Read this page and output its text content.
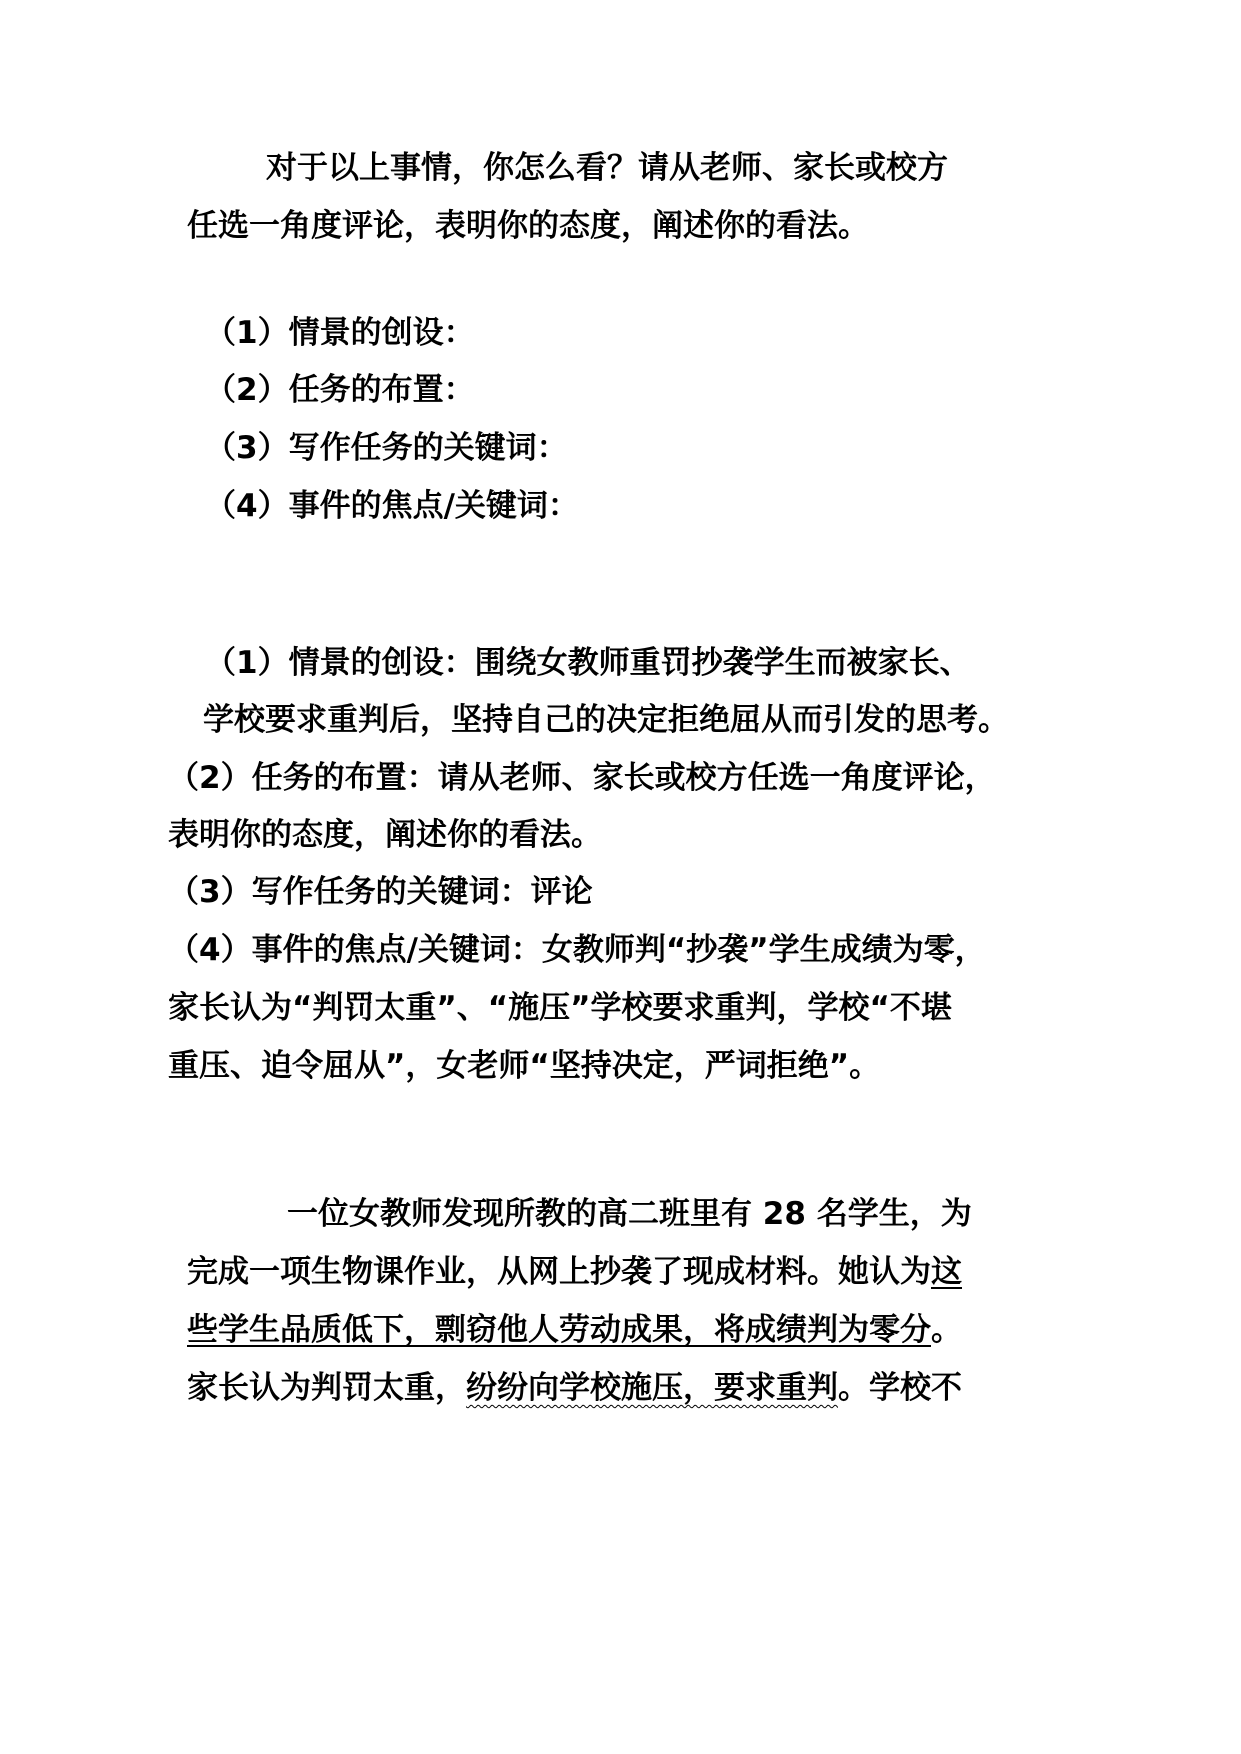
对于以上事情，你怎么看？请从老师、家长或校方
任选一角度评论，表明你的态度，阐述你的看法。
（1）情景的创设：
（2）任务的布置：
（3）写作任务的关键词：
（4）事件的焦点/关键词：
（1）情景的创设：围绕女教师重罚抄袭学生而被家长、
学校要求重判后，坚持自己的决定拒绝屈从而引发的思考。
（2）任务的布置：请从老师、家长或校方任选一角度评论，
表明你的态度，阐述你的看法。
（3）写作任务的关键词：评论
（4）事件的焦点/关键词：女教师判“抄袭”学生成绩为零，
家长认为“判罚太重”、“施压”学校要求重判，学校“不堪
重压、迫令屈从”，女老师“坚持决定，严词拒绝”。
一位女教师发现所教的高二班里有 28 名学生，为
完成一项生物课作业，从网上抄袭了现成材料。她认为这
些学生品质低下，剽窃他人劳动成果，将成绩判为零分。
家长认为判罚太重，纷纷向学校施压，要求重判。学校不
